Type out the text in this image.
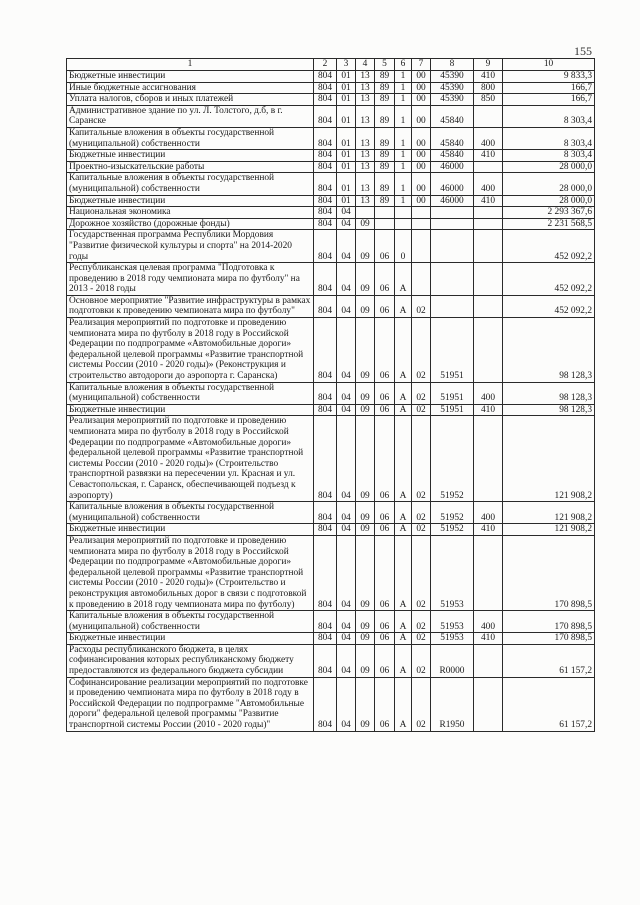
155
1	2	3	4	5	6	7	8	9	10
Бюджетные инвестиции	804	01	13	89	1	00	45390	410	9 833,3
Иные бюджетные ассигнования	804	01	13	89	1	00	45390	800	166,7
Уплата налогов, сборов и иных платежей	804	01	13	89	1	00	45390	850	166,7
Административное здание по ул. Л. Толстого, д.б, в г. Саранске	804	01	13	89	1	00	45840		8 303,4
Капитальные вложения в объекты государственной (муниципальной) собственности	804	01	13	89	1	00	45840	400	8 303,4
Бюджетные инвестиции	804	01	13	89	1	00	45840	410	8 303,4
Проектно-изыскательские работы	804	01	13	89	1	00	46000		28 000,0
Капитальные вложения в объекты государственной (муниципальной) собственности	804	01	13	89	1	00	46000	400	28 000,0
Бюджетные инвестиции	804	01	13	89	1	00	46000	410	28 000,0
Национальная экономика	804	04							2 293 367,6
Дорожное хозяйство (дорожные фонды)	804	04	09						2 231 568,5
Государственная программа Республики Мордовия "Развитие физической культуры и спорта" на 2014-2020 годы	804	04	09	06	0				452 092,2
Республиканская целевая программа "Подготовка к проведению в 2018 году чемпионата мира по футболу" на 2013 - 2018 годы	804	04	09	06	А				452 092,2
Основное мероприятие "Развитие инфраструктуры в рамках подготовки к проведению чемпионата мира по футболу"	804	04	09	06	А	02			452 092,2
Реализация мероприятий по подготовке и проведению чемпионата мира по футболу в 2018 году в Российской Федерации по подпрограмме «Автомобильные дороги» федеральной целевой программы «Развитие транспортной системы России (2010 - 2020 годы)» (Реконструкция и строительство автодороги до аэропорта г. Саранска)	804	04	09	06	А	02	51951		98 128,3
Капитальные вложения в объекты государственной (муниципальной) собственности	804	04	09	06	А	02	51951	400	98 128,3
Бюджетные инвестиции	804	04	09	06	А	02	51951	410	98 128,3
Реализация мероприятий по подготовке и проведению чемпионата мира по футболу в 2018 году в Российской Федерации по подпрограмме «Автомобильные дороги» федеральной целевой программы «Развитие транспортной системы России (2010 - 2020 годы)» (Строительство транспортной развязки на пересечении ул. Красная и ул. Севастопольская, г. Саранск, обеспечивающей подъезд к аэропорту)	804	04	09	06	А	02	51952		121 908,2
Капитальные вложения в объекты государственной (муниципальной) собственности	804	04	09	06	А	02	51952	400	121 908,2
Бюджетные инвестиции	804	04	09	06	А	02	51952	410	121 908,2
Реализация мероприятий по подготовке и проведению чемпионата мира по футболу в 2018 году в Российской Федерации по подпрограмме «Автомобильные дороги» федеральной целевой программы «Развитие транспортной системы России (2010 - 2020 годы)» (Строительство и реконструкция автомобильных дорог в связи с подготовкой к проведению в 2018 году чемпионата мира по футболу)	804	04	09	06	А	02	51953		170 898,5
Капитальные вложения в объекты государственной (муниципальной) собственности	804	04	09	06	А	02	51953	400	170 898,5
Бюджетные инвестиции	804	04	09	06	А	02	51953	410	170 898,5
Расходы республиканского бюджета, в целях софинансирования которых республиканскому бюджету предоставляются из федерального бюджета субсидии	804	04	09	06	А	02	R0000		61 157,2
Софинансирование реализации мероприятий по подготовке и проведению чемпионата мира по футболу в 2018 году в Российской Федерации по подпрограмме "Автомобильные дороги" федеральной целевой программы "Развитие транспортной системы России (2010 - 2020 годы)"	804	04	09	06	А	02	R1950		61 157,2
